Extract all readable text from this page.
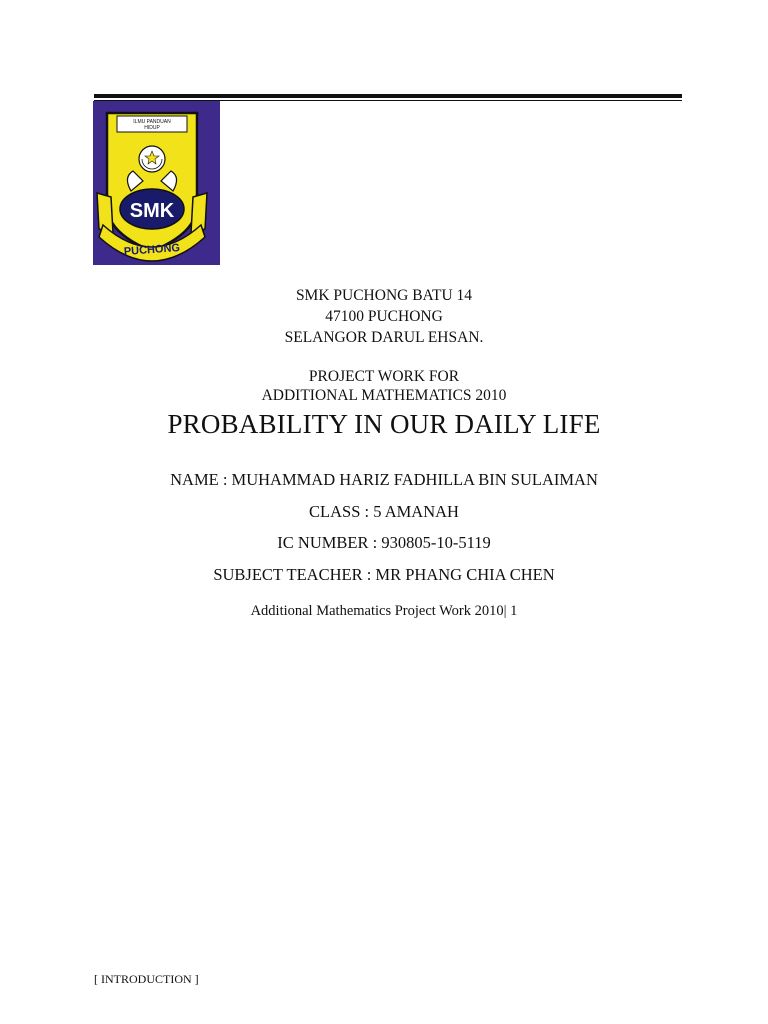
ILMU PANDUAN
HIDUP
SMK
PUCHONG
SMK PUCHONG BATU 14
47100 PUCHONG
SELANGOR DARUL EHSAN.
PROJECT WORK FOR
ADDITIONAL MATHEMATICS 2010
PROBABILITY IN OUR DAILY LIFE
NAME : MUHAMMAD HARIZ FADHILLA BIN SULAIMAN
CLASS : 5 AMANAH
IC NUMBER : 930805-10-5119
SUBJECT TEACHER : MR PHANG CHIA CHEN
Additional Mathematics Project Work 2010| 1
[ INTRODUCTION ]
